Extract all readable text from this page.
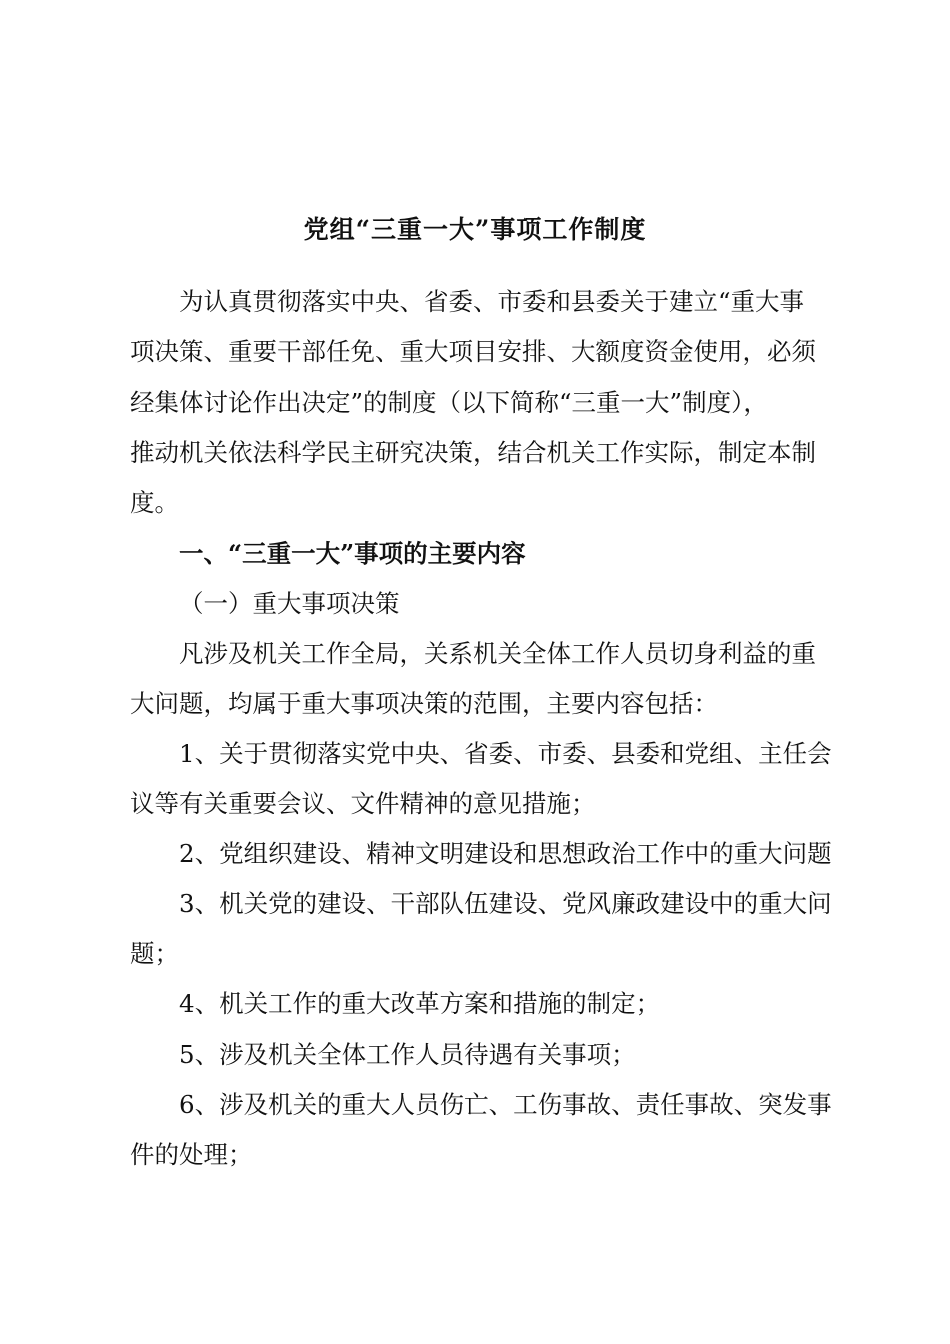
党组“三重一大”事项工作制度
为认真贯彻落实中央、省委、市委和县委关于建立“重大事
项决策、重要干部任免、重大项目安排、大额度资金使用，必须
经集体讨论作出决定”的制度（以下简称“三重一大”制度），
推动机关依法科学民主研究决策，结合机关工作实际，制定本制
度。
一、“三重一大”事项的主要内容
（一）重大事项决策
凡涉及机关工作全局，关系机关全体工作人员切身利益的重
大问题，均属于重大事项决策的范围，主要内容包括：
1、关于贯彻落实党中央、省委、市委、县委和党组、主任会
议等有关重要会议、文件精神的意见措施；
2、党组织建设、精神文明建设和思想政治工作中的重大问题
3、机关党的建设、干部队伍建设、党风廉政建设中的重大问
题；
4、机关工作的重大改革方案和措施的制定；
5、涉及机关全体工作人员待遇有关事项；
6、涉及机关的重大人员伤亡、工伤事故、责任事故、突发事
件的处理；
